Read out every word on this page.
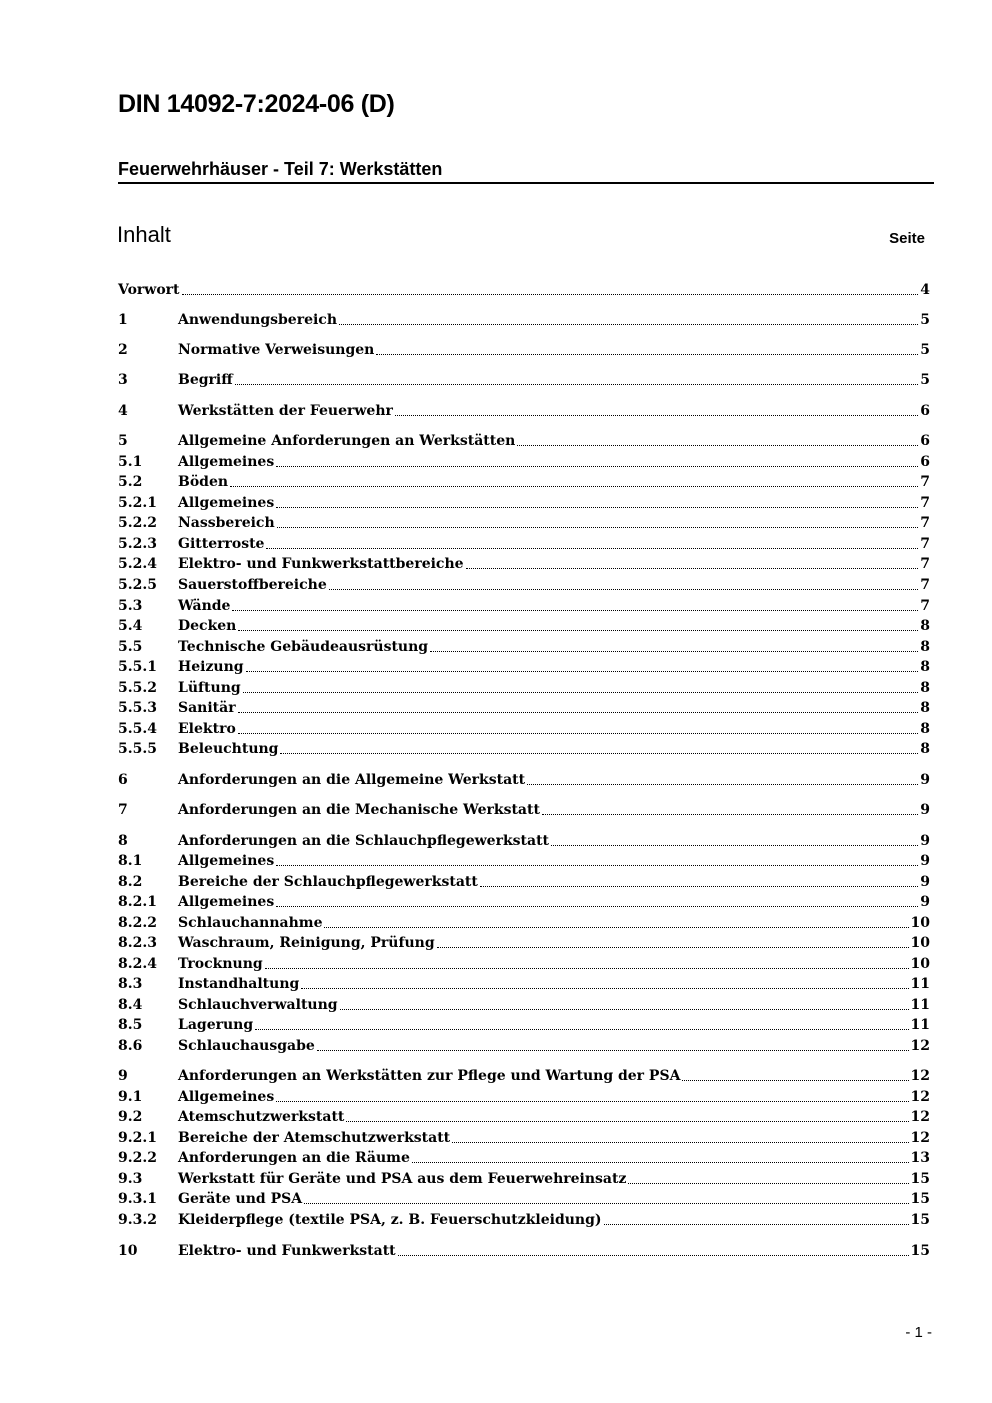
DIN 14092-7:2024-06 (D)
Feuerwehrhäuser - Teil 7: Werkstätten
Inhalt	Seite
Vorwort	4
1	Anwendungsbereich	5
2	Normative Verweisungen	5
3	Begriff	5
4	Werkstätten der Feuerwehr	6
5	Allgemeine Anforderungen an Werkstätten	6
5.1	Allgemeines	6
5.2	Böden	7
5.2.1	Allgemeines	7
5.2.2	Nassbereich	7
5.2.3	Gitterroste	7
5.2.4	Elektro- und Funkwerkstattbereiche	7
5.2.5	Sauerstoffbereiche	7
5.3	Wände	7
5.4	Decken	8
5.5	Technische Gebäudeausrüstung	8
5.5.1	Heizung	8
5.5.2	Lüftung	8
5.5.3	Sanitär	8
5.5.4	Elektro	8
5.5.5	Beleuchtung	8
6	Anforderungen an die Allgemeine Werkstatt	9
7	Anforderungen an die Mechanische Werkstatt	9
8	Anforderungen an die Schlauchpflegewerkstatt	9
8.1	Allgemeines	9
8.2	Bereiche der Schlauchpflegewerkstatt	9
8.2.1	Allgemeines	9
8.2.2	Schlauchannahme	10
8.2.3	Waschraum, Reinigung, Prüfung	10
8.2.4	Trocknung	10
8.3	Instandhaltung	11
8.4	Schlauchverwaltung	11
8.5	Lagerung	11
8.6	Schlauchausgabe	12
9	Anforderungen an Werkstätten zur Pflege und Wartung der PSA	12
9.1	Allgemeines	12
9.2	Atemschutzwerkstatt	12
9.2.1	Bereiche der Atemschutzwerkstatt	12
9.2.2	Anforderungen an die Räume	13
9.3	Werkstatt für Geräte und PSA aus dem Feuerwehreinsatz	15
9.3.1	Geräte und PSA	15
9.3.2	Kleiderpflege (textile PSA, z. B. Feuerschutzkleidung)	15
10	Elektro- und Funkwerkstatt	15
- 1 -
